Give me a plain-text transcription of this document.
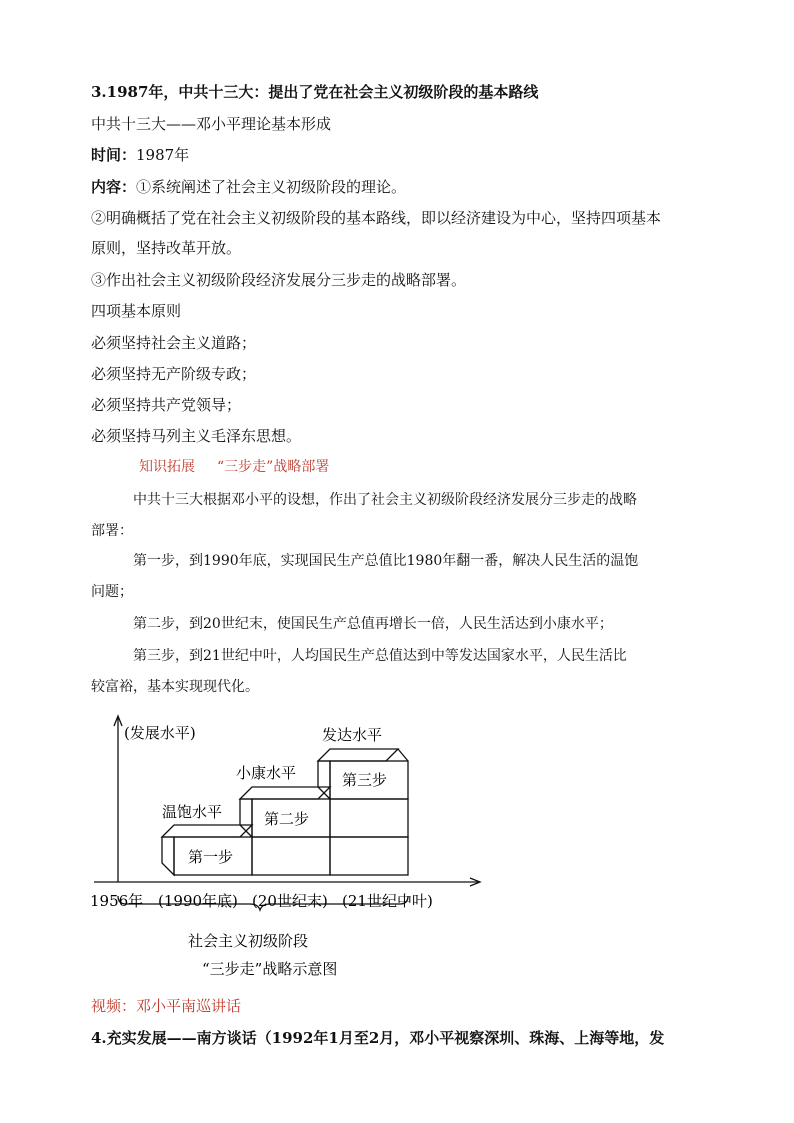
3.1987年，中共十三大：提出了党在社会主义初级阶段的基本路线
中共十三大——邓小平理论基本形成
时间：1987年
内容：①系统阐述了社会主义初级阶段的理论。
②明确概括了党在社会主义初级阶段的基本路线，即以经济建设为中心，坚持四项基本
原则，坚持改革开放。
③作出社会主义初级阶段经济发展分三步走的战略部署。
四项基本原则
必须坚持社会主义道路；
必须坚持无产阶级专政；
必须坚持共产党领导；
必须坚持马列主义毛泽东思想。
知识拓展 “三步走”战略部署
中共十三大根据邓小平的设想，作出了社会主义初级阶段经济发展分三步走的战略
部署：
第一步，到1990年底，实现国民生产总值比1980年翻一番，解决人民生活的温饱
问题；
第二步，到20世纪末，使国民生产总值再增长一倍，人民生活达到小康水平；
第三步，到21世纪中叶，人均国民生产总值达到中等发达国家水平，人民生活比
较富裕，基本实现现代化。
(发展水平)
温饱水平
小康水平
发达水平
第一步
第二步
第三步
1956年 (1990年底) (20世纪末) (21世纪中叶)
社会主义初级阶段
“三步走”战略示意图
视频：邓小平南巡讲话
4.充实发展——南方谈话（1992年1月至2月，邓小平视察深圳、珠海、上海等地，发
